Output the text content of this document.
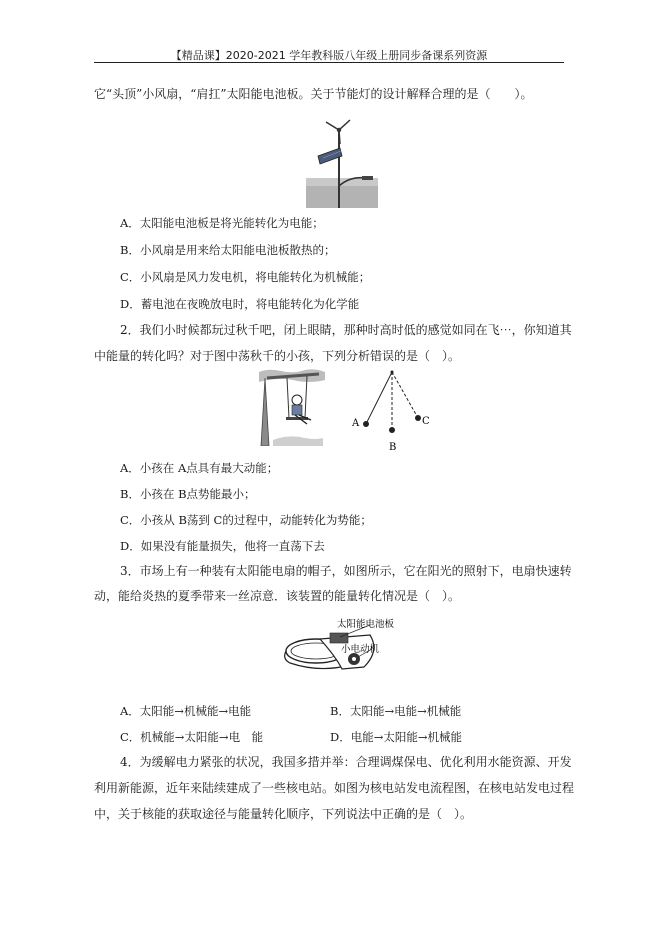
【精品课】2020-2021 学年教科版八年级上册同步备课系列资源
它“头顶”小风扇，“肩扛”太阳能电池板。关于节能灯的设计解释合理的是（　　）。
A．太阳能电池板是将光能转化为电能；
B．小风扇是用来给太阳能电池板散热的；
C．小风扇是风力发电机，将电能转化为机械能；
D．蓄电池在夜晚放电时，将电能转化为化学能
2．我们小时候都玩过秋千吧，闭上眼睛，那种时高时低的感觉如同在飞⋯，你知道其
中能量的转化吗？对于图中荡秋千的小孩，下列分析错误的是（　）。
A
B
C
A．小孩在 A点具有最大动能；
B．小孩在 B点势能最小；
C．小孩从 B荡到 C的过程中，动能转化为势能；
D．如果没有能量损失，他将一直荡下去
3．市场上有一种装有太阳能电扇的帽子，如图所示，它在阳光的照射下，电扇快速转
动，能给炎热的夏季带来一丝凉意．该装置的能量转化情况是（　）。
太阳能电池板
小电动机
A．太阳能→机械能→电能	B．太阳能→电能→机械能
C．机械能→太阳能→电　能	D．电能→太阳能→机械能
4．为缓解电力紧张的状况，我国多措并举：合理调煤保电、优化利用水能资源、开发
利用新能源，近年来陆续建成了一些核电站。如图为核电站发电流程图，在核电站发电过程
中，关于核能的获取途径与能量转化顺序，下列说法中正确的是（　）。
